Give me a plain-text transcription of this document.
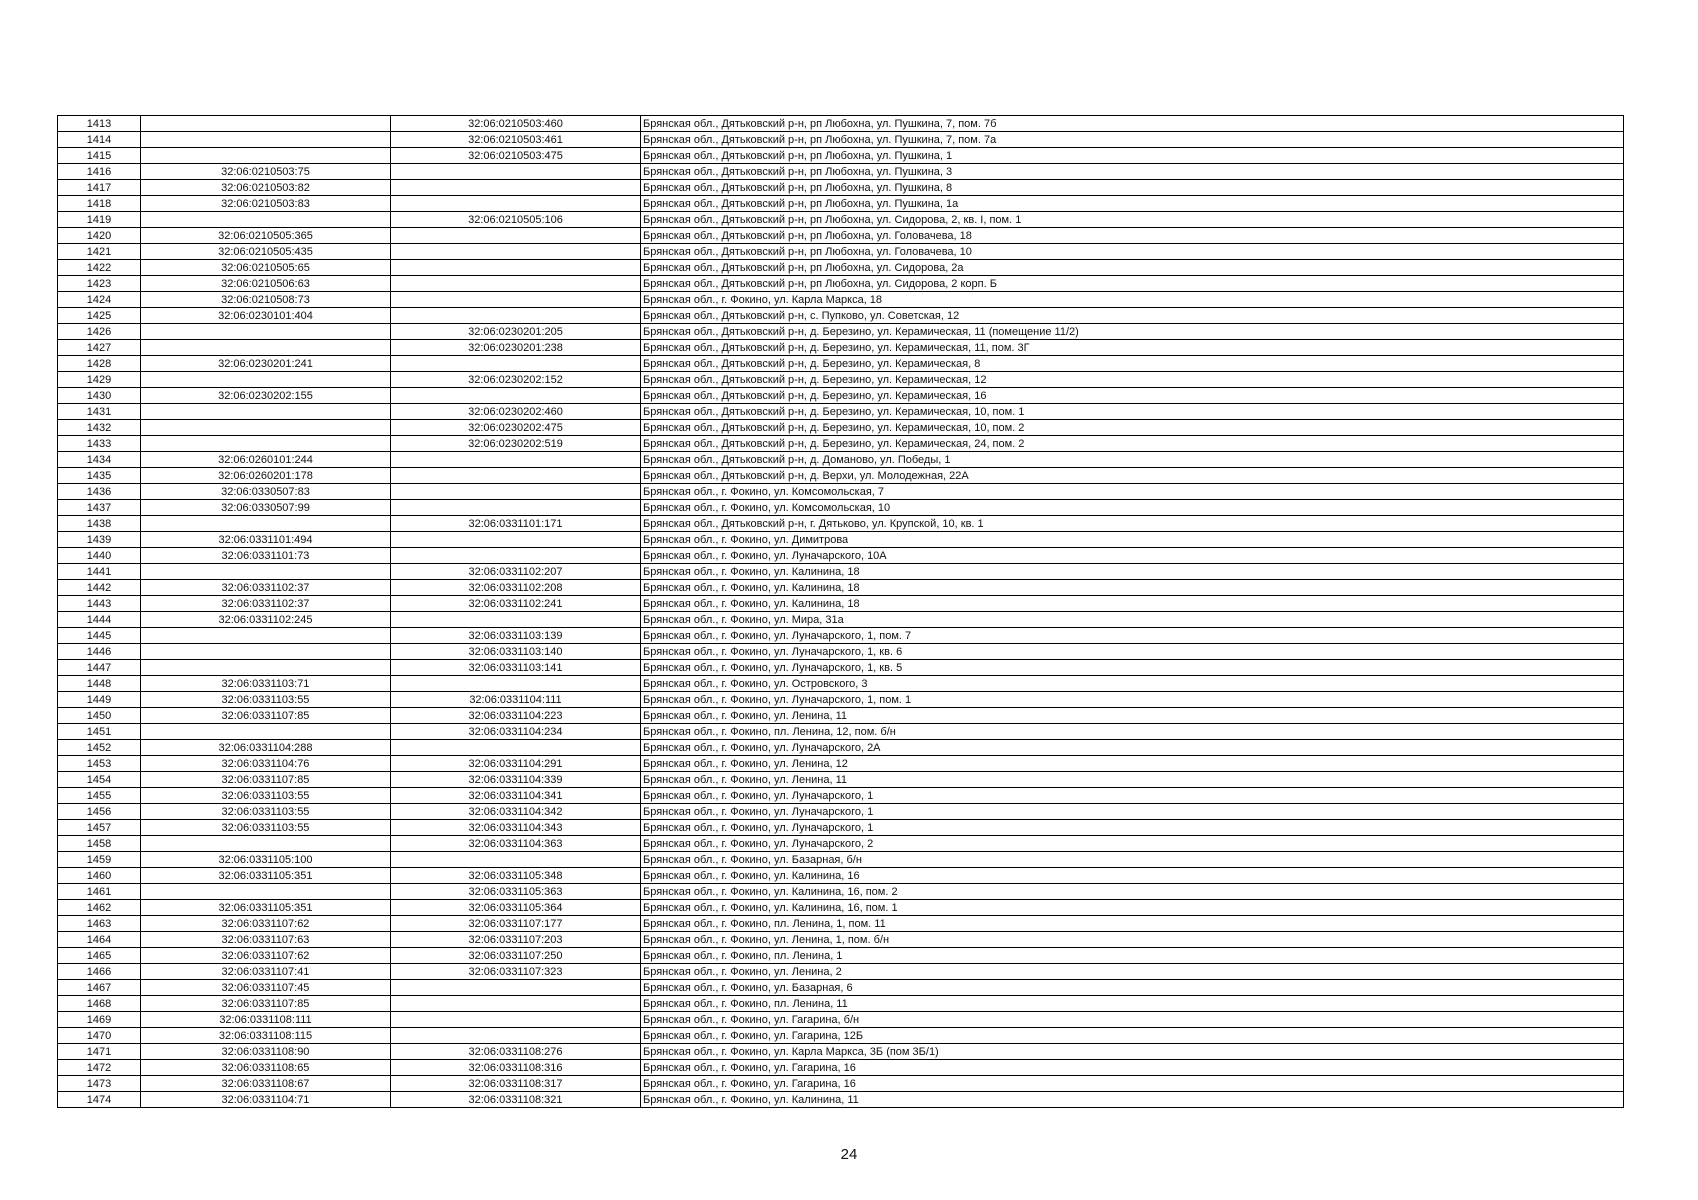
1413		32:06:0210503:460	Брянская обл., Дятьковский р-н, рп Любохна, ул. Пушкина, 7, пом. 7б
1414		32:06:0210503:461	Брянская обл., Дятьковский р-н, рп Любохна, ул. Пушкина, 7, пом. 7а
1415		32:06:0210503:475	Брянская обл., Дятьковский р-н, рп Любохна, ул. Пушкина, 1
1416	32:06:0210503:75		Брянская обл., Дятьковский р-н, рп Любохна, ул. Пушкина, 3
1417	32:06:0210503:82		Брянская обл., Дятьковский р-н, рп Любохна, ул. Пушкина, 8
1418	32:06:0210503:83		Брянская обл., Дятьковский р-н, рп Любохна, ул. Пушкина, 1а
1419		32:06:0210505:106	Брянская обл., Дятьковский р-н, рп Любохна, ул. Сидорова, 2, кв. I, пом. 1
1420	32:06:0210505:365		Брянская обл., Дятьковский р-н, рп Любохна, ул. Головачева, 18
1421	32:06:0210505:435		Брянская обл., Дятьковский р-н, рп Любохна, ул. Головачева, 10
1422	32:06:0210505:65		Брянская обл., Дятьковский р-н, рп Любохна, ул. Сидорова, 2а
1423	32:06:0210506:63		Брянская обл., Дятьковский р-н, рп Любохна, ул. Сидорова, 2 корп. Б
1424	32:06:0210508:73		Брянская обл., г. Фокино, ул. Карла Маркса, 18
1425	32:06:0230101:404		Брянская обл., Дятьковский р-н, с. Пупково, ул. Советская, 12
1426		32:06:0230201:205	Брянская обл., Дятьковский р-н, д. Березино, ул. Керамическая, 11 (помещение 11/2)
1427		32:06:0230201:238	Брянская обл., Дятьковский р-н, д. Березино, ул. Керамическая, 11, пом. 3Г
1428	32:06:0230201:241		Брянская обл., Дятьковский р-н, д. Березино, ул. Керамическая, 8
1429		32:06:0230202:152	Брянская обл., Дятьковский р-н, д. Березино, ул. Керамическая, 12
1430	32:06:0230202:155		Брянская обл., Дятьковский р-н, д. Березино, ул. Керамическая, 16
1431		32:06:0230202:460	Брянская обл., Дятьковский р-н, д. Березино, ул. Керамическая, 10, пом. 1
1432		32:06:0230202:475	Брянская обл., Дятьковский р-н, д. Березино, ул. Керамическая, 10, пом. 2
1433		32:06:0230202:519	Брянская обл., Дятьковский р-н, д. Березино, ул. Керамическая, 24, пом. 2
1434	32:06:0260101:244		Брянская обл., Дятьковский р-н, д. Доманово, ул. Победы, 1
1435	32:06:0260201:178		Брянская обл., Дятьковский р-н, д. Верхи, ул. Молодежная, 22А
1436	32:06:0330507:83		Брянская обл., г. Фокино, ул. Комсомольская, 7
1437	32:06:0330507:99		Брянская обл., г. Фокино, ул. Комсомольская, 10
1438		32:06:0331101:171	Брянская обл., Дятьковский р-н, г. Дятьково, ул. Крупской, 10, кв. 1
1439	32:06:0331101:494		Брянская обл., г. Фокино, ул. Димитрова
1440	32:06:0331101:73		Брянская обл., г. Фокино, ул. Луначарского, 10А
1441		32:06:0331102:207	Брянская обл., г. Фокино, ул. Калинина, 18
1442	32:06:0331102:37	32:06:0331102:208	Брянская обл., г. Фокино, ул. Калинина, 18
1443	32:06:0331102:37	32:06:0331102:241	Брянская обл., г. Фокино, ул. Калинина, 18
1444	32:06:0331102:245		Брянская обл., г. Фокино, ул. Мира, 31а
1445		32:06:0331103:139	Брянская обл., г. Фокино, ул. Луначарского, 1, пом. 7
1446		32:06:0331103:140	Брянская обл., г. Фокино, ул. Луначарского, 1, кв. 6
1447		32:06:0331103:141	Брянская обл., г. Фокино, ул. Луначарского, 1, кв. 5
1448	32:06:0331103:71		Брянская обл., г. Фокино, ул. Островского, 3
1449	32:06:0331103:55	32:06:0331104:111	Брянская обл., г. Фокино, ул. Луначарского, 1, пом. 1
1450	32:06:0331107:85	32:06:0331104:223	Брянская обл., г. Фокино, ул. Ленина, 11
1451		32:06:0331104:234	Брянская обл., г. Фокино, пл. Ленина, 12, пом. б/н
1452	32:06:0331104:288		Брянская обл., г. Фокино, ул. Луначарского, 2А
1453	32:06:0331104:76	32:06:0331104:291	Брянская обл., г. Фокино, ул. Ленина, 12
1454	32:06:0331107:85	32:06:0331104:339	Брянская обл., г. Фокино, ул. Ленина, 11
1455	32:06:0331103:55	32:06:0331104:341	Брянская обл., г. Фокино, ул. Луначарского, 1
1456	32:06:0331103:55	32:06:0331104:342	Брянская обл., г. Фокино, ул. Луначарского, 1
1457	32:06:0331103:55	32:06:0331104:343	Брянская обл., г. Фокино, ул. Луначарского, 1
1458		32:06:0331104:363	Брянская обл., г. Фокино, ул. Луначарского, 2
1459	32:06:0331105:100		Брянская обл., г. Фокино, ул. Базарная, б/н
1460	32:06:0331105:351	32:06:0331105:348	Брянская обл., г. Фокино, ул. Калинина, 16
1461		32:06:0331105:363	Брянская обл., г. Фокино, ул. Калинина, 16, пом. 2
1462	32:06:0331105:351	32:06:0331105:364	Брянская обл., г. Фокино, ул. Калинина, 16, пом. 1
1463	32:06:0331107:62	32:06:0331107:177	Брянская обл., г. Фокино, пл. Ленина, 1, пом. 11
1464	32:06:0331107:63	32:06:0331107:203	Брянская обл., г. Фокино, ул. Ленина, 1, пом. б/н
1465	32:06:0331107:62	32:06:0331107:250	Брянская обл., г. Фокино, пл. Ленина, 1
1466	32:06:0331107:41	32:06:0331107:323	Брянская обл., г. Фокино, ул. Ленина, 2
1467	32:06:0331107:45		Брянская обл., г. Фокино, ул. Базарная, 6
1468	32:06:0331107:85		Брянская обл., г. Фокино, пл. Ленина, 11
1469	32:06:0331108:111		Брянская обл., г. Фокино, ул. Гагарина, б/н
1470	32:06:0331108:115		Брянская обл., г. Фокино, ул. Гагарина, 12Б
1471	32:06:0331108:90	32:06:0331108:276	Брянская обл., г. Фокино, ул. Карла Маркса, 3Б (пом 3Б/1)
1472	32:06:0331108:65	32:06:0331108:316	Брянская обл., г. Фокино, ул. Гагарина, 16
1473	32:06:0331108:67	32:06:0331108:317	Брянская обл., г. Фокино, ул. Гагарина, 16
1474	32:06:0331104:71	32:06:0331108:321	Брянская обл., г. Фокино, ул. Калинина, 11
24
